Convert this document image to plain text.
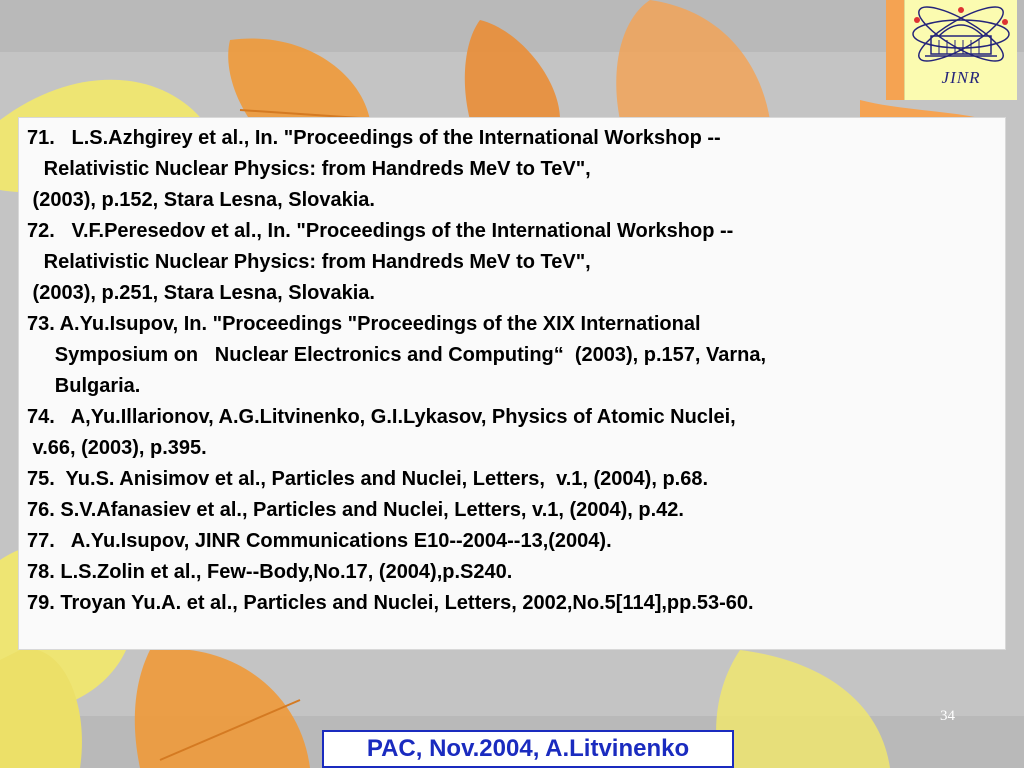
JINR

71.   L.S.Azhgirey et al., In. "Proceedings of the International Workshop --

Relativistic Nuclear Physics: from Handreds MeV to TeV",

(2003), p.152, Stara Lesna, Slovakia.

72.   V.F.Peresedov et al., In. "Proceedings of the International Workshop --

Relativistic Nuclear Physics: from Handreds MeV to TeV",

(2003), p.251, Stara Lesna, Slovakia.

73. A.Yu.Isupov, In. "Proceedings "Proceedings of the XIX International

Symposium on   Nuclear Electronics and Computing“  (2003), p.157, Varna,

Bulgaria.

74.   A,Yu.Illarionov, A.G.Litvinenko, G.I.Lykasov, Physics of Atomic Nuclei,

v.66, (2003), p.395.

75.  Yu.S. Anisimov et al., Particles and Nuclei, Letters,  v.1, (2004), p.68.

76. S.V.Afanasiev et al., Particles and Nuclei, Letters, v.1, (2004), p.42.

77.   A.Yu.Isupov, JINR Communications E10--2004--13,(2004).

78. L.S.Zolin et al., Few--Body,No.17, (2004),p.S240.

79. Troyan Yu.A. et al., Particles and Nuclei, Letters, 2002,No.5[114],pp.53-60.

34
PAC, Nov.2004, A.Litvinenko
